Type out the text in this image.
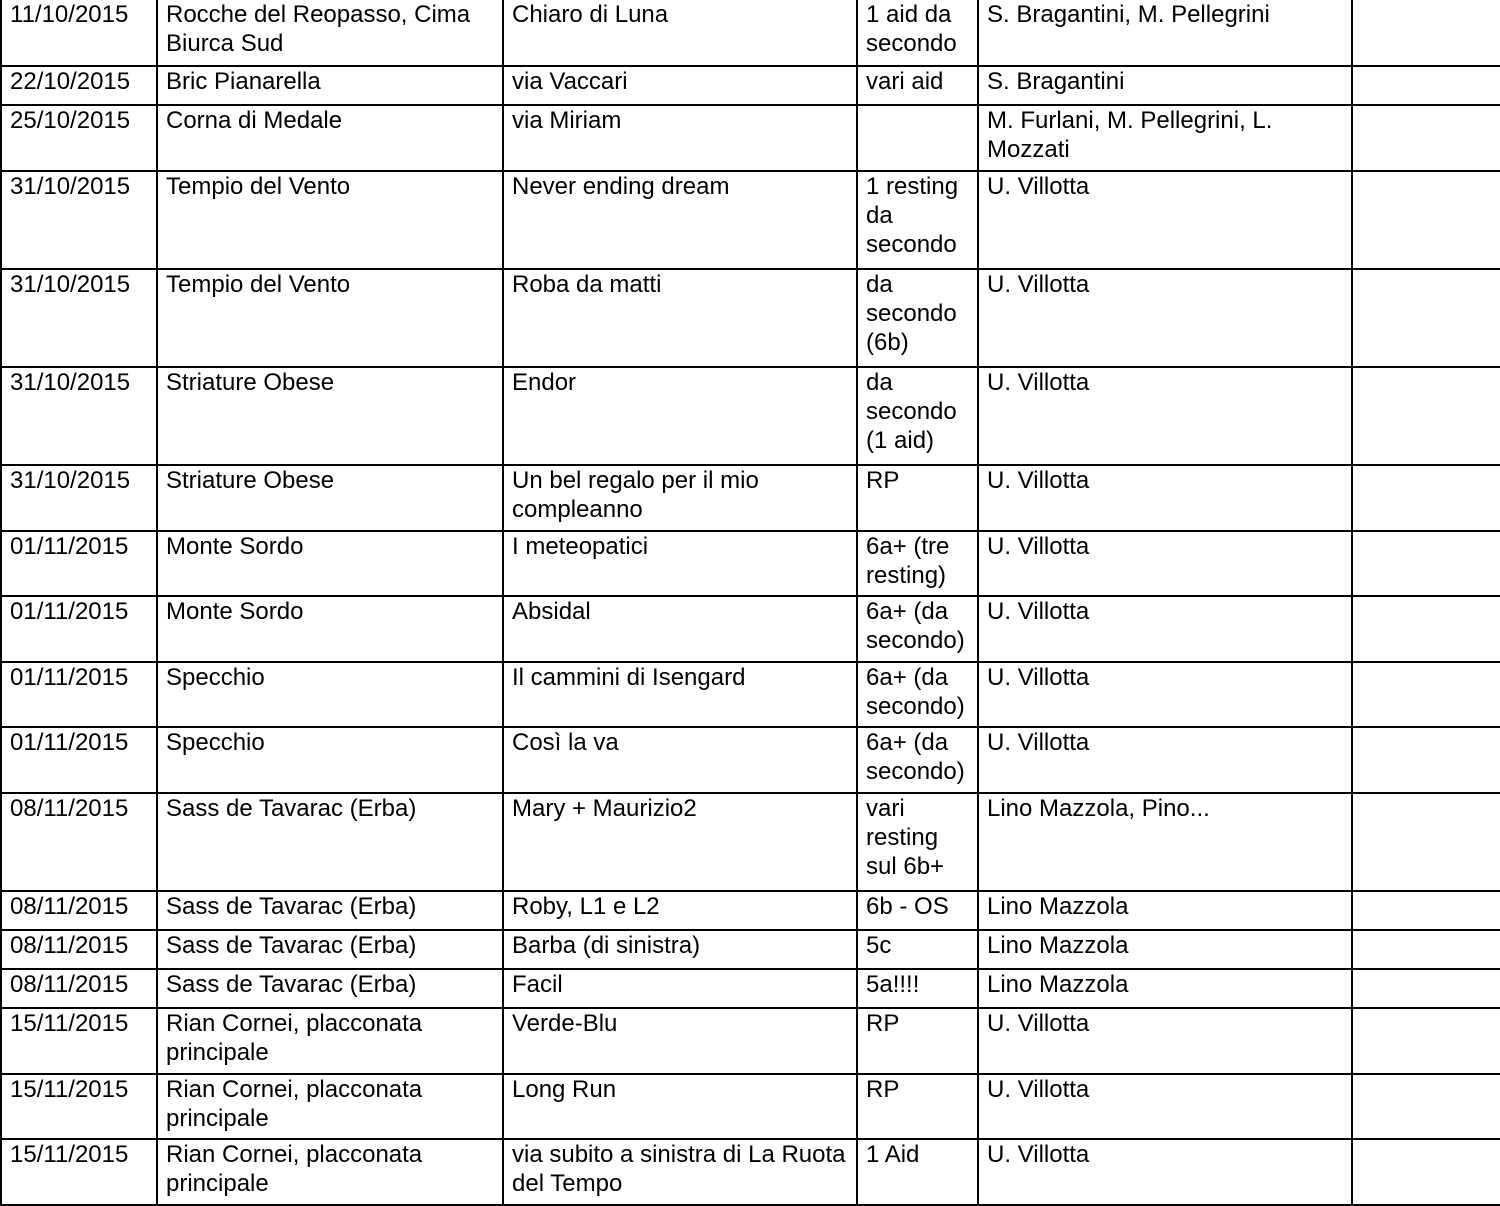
11/10/2015	Rocche del Reopasso, Cima Biurca Sud	Chiaro di Luna	1 aid da secondo	S. Bragantini, M. Pellegrini	
22/10/2015	Bric Pianarella	via Vaccari	vari aid	S. Bragantini	
25/10/2015	Corna di Medale	via Miriam		M. Furlani, M. Pellegrini, L. Mozzati	
31/10/2015	Tempio del Vento	Never ending dream	1 resting da secondo	U. Villotta	
31/10/2015	Tempio del Vento	Roba da matti	da secondo (6b)	U. Villotta	
31/10/2015	Striature Obese	Endor	da secondo (1 aid)	U. Villotta	
31/10/2015	Striature Obese	Un bel regalo per il mio compleanno	RP	U. Villotta	
01/11/2015	Monte Sordo	I meteopatici	6a+ (tre resting)	U. Villotta	
01/11/2015	Monte Sordo	Absidal	6a+ (da secondo)	U. Villotta	
01/11/2015	Specchio	Il cammini di Isengard	6a+ (da secondo)	U. Villotta	
01/11/2015	Specchio	Così la va	6a+ (da secondo)	U. Villotta	
08/11/2015	Sass de Tavarac (Erba)	Mary + Maurizio2	vari resting sul 6b+	Lino Mazzola, Pino...	
08/11/2015	Sass de Tavarac (Erba)	Roby, L1 e L2	6b - OS	Lino Mazzola	
08/11/2015	Sass de Tavarac (Erba)	Barba (di sinistra)	5c	Lino Mazzola	
08/11/2015	Sass de Tavarac (Erba)	Facil	5a!!!!	Lino Mazzola	
15/11/2015	Rian Cornei, placconata principale	Verde-Blu	RP	U. Villotta	
15/11/2015	Rian Cornei, placconata principale	Long Run	RP	U. Villotta	
15/11/2015	Rian Cornei, placconata principale	via subito a sinistra di La Ruota del Tempo	1 Aid	U. Villotta	
